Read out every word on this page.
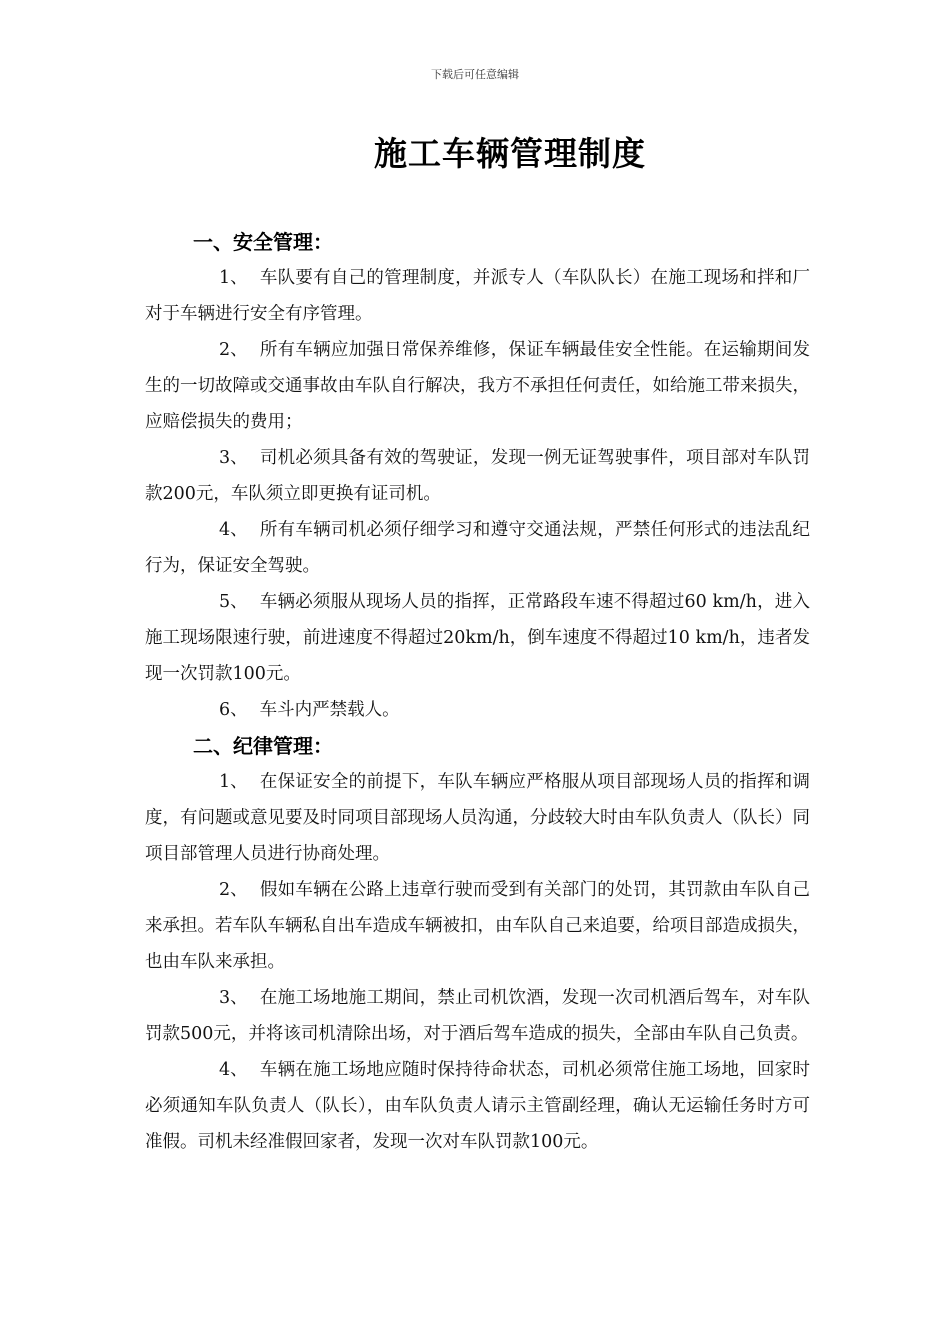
下载后可任意编辑
施工车辆管理制度
一、安全管理：

1、 车队要有自己的管理制度，并派专人（车队队长）在施工现场和拌和厂对于车辆进行安全有序管理。

2、 所有车辆应加强日常保养维修，保证车辆最佳安全性能。在运输期间发生的一切故障或交通事故由车队自行解决，我方不承担任何责任，如给施工带来损失，应赔偿损失的费用；

3、 司机必须具备有效的驾驶证，发现一例无证驾驶事件，项目部对车队罚款200元，车队须立即更换有证司机。

4、 所有车辆司机必须仔细学习和遵守交通法规，严禁任何形式的违法乱纪行为，保证安全驾驶。

5、 车辆必须服从现场人员的指挥，正常路段车速不得超过60 km/h，进入施工现场限速行驶，前进速度不得超过20km/h，倒车速度不得超过10 km/h，违者发现一次罚款100元。

6、 车斗内严禁载人。

二、纪律管理：

1、 在保证安全的前提下，车队车辆应严格服从项目部现场人员的指挥和调度，有问题或意见要及时同项目部现场人员沟通，分歧较大时由车队负责人（队长）同项目部管理人员进行协商处理。

2、 假如车辆在公路上违章行驶而受到有关部门的处罚，其罚款由车队自己来承担。若车队车辆私自出车造成车辆被扣，由车队自己来追要，给项目部造成损失，也由车队来承担。

3、 在施工场地施工期间，禁止司机饮酒，发现一次司机酒后驾车，对车队罚款500元，并将该司机清除出场，对于酒后驾车造成的损失，全部由车队自己负责。

4、 车辆在施工场地应随时保持待命状态，司机必须常住施工场地，回家时必须通知车队负责人（队长），由车队负责人请示主管副经理，确认无运输任务时方可准假。司机未经准假回家者，发现一次对车队罚款100元。
